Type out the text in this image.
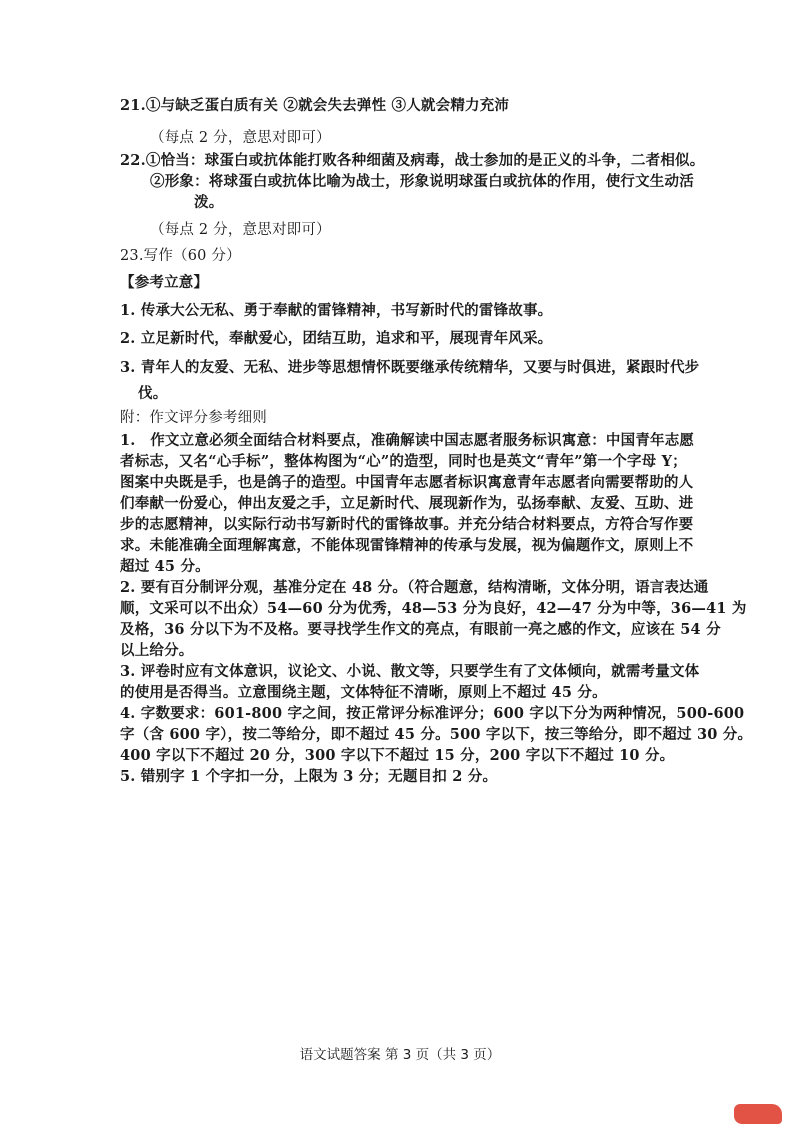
21.①与缺乏蛋白质有关 ②就会失去弹性 ③人就会精力充沛
（每点 2 分，意思对即可）
22.①恰当：球蛋白或抗体能打败各种细菌及病毒，战士参加的是正义的斗争，二者相似。
②形象：将球蛋白或抗体比喻为战士，形象说明球蛋白或抗体的作用，使行文生动活
泼。
（每点 2 分，意思对即可）
23.写作（60 分）
【参考立意】
1. 传承大公无私、勇于奉献的雷锋精神，书写新时代的雷锋故事。
2. 立足新时代，奉献爱心，团结互助，追求和平，展现青年风采。
3. 青年人的友爱、无私、进步等思想情怀既要继承传统精华，又要与时俱进，紧跟时代步
伐。
附：作文评分参考细则
1.　作文立意必须全面结合材料要点，准确解读中国志愿者服务标识寓意：中国青年志愿
者标志，又名“心手标”，整体构图为“心”的造型，同时也是英文“青年”第一个字母 Y；
图案中央既是手，也是鸽子的造型。中国青年志愿者标识寓意青年志愿者向需要帮助的人
们奉献一份爱心，伸出友爱之手，立足新时代、展现新作为，弘扬奉献、友爱、互助、进
步的志愿精神，以实际行动书写新时代的雷锋故事。并充分结合材料要点，方符合写作要
求。未能准确全面理解寓意，不能体现雷锋精神的传承与发展，视为偏题作文，原则上不
超过 45 分。
2. 要有百分制评分观，基准分定在 48 分。（符合题意，结构清晰，文体分明，语言表达通
顺，文采可以不出众）54—60 分为优秀，48—53 分为良好，42—47 分为中等，36—41 为
及格，36 分以下为不及格。要寻找学生作文的亮点，有眼前一亮之感的作文，应该在 54 分
以上给分。
3. 评卷时应有文体意识，议论文、小说、散文等，只要学生有了文体倾向，就需考量文体
的使用是否得当。立意围绕主题，文体特征不清晰，原则上不超过 45 分。
4. 字数要求：601-800 字之间，按正常评分标准评分；600 字以下分为两种情况，500-600
字（含 600 字），按二等给分，即不超过 45 分。500 字以下，按三等给分，即不超过 30 分。
400 字以下不超过 20 分，300 字以下不超过 15 分，200 字以下不超过 10 分。
5. 错别字 1 个字扣一分，上限为 3 分；无题目扣 2 分。
语文试题答案 第 3 页（共 3 页）
